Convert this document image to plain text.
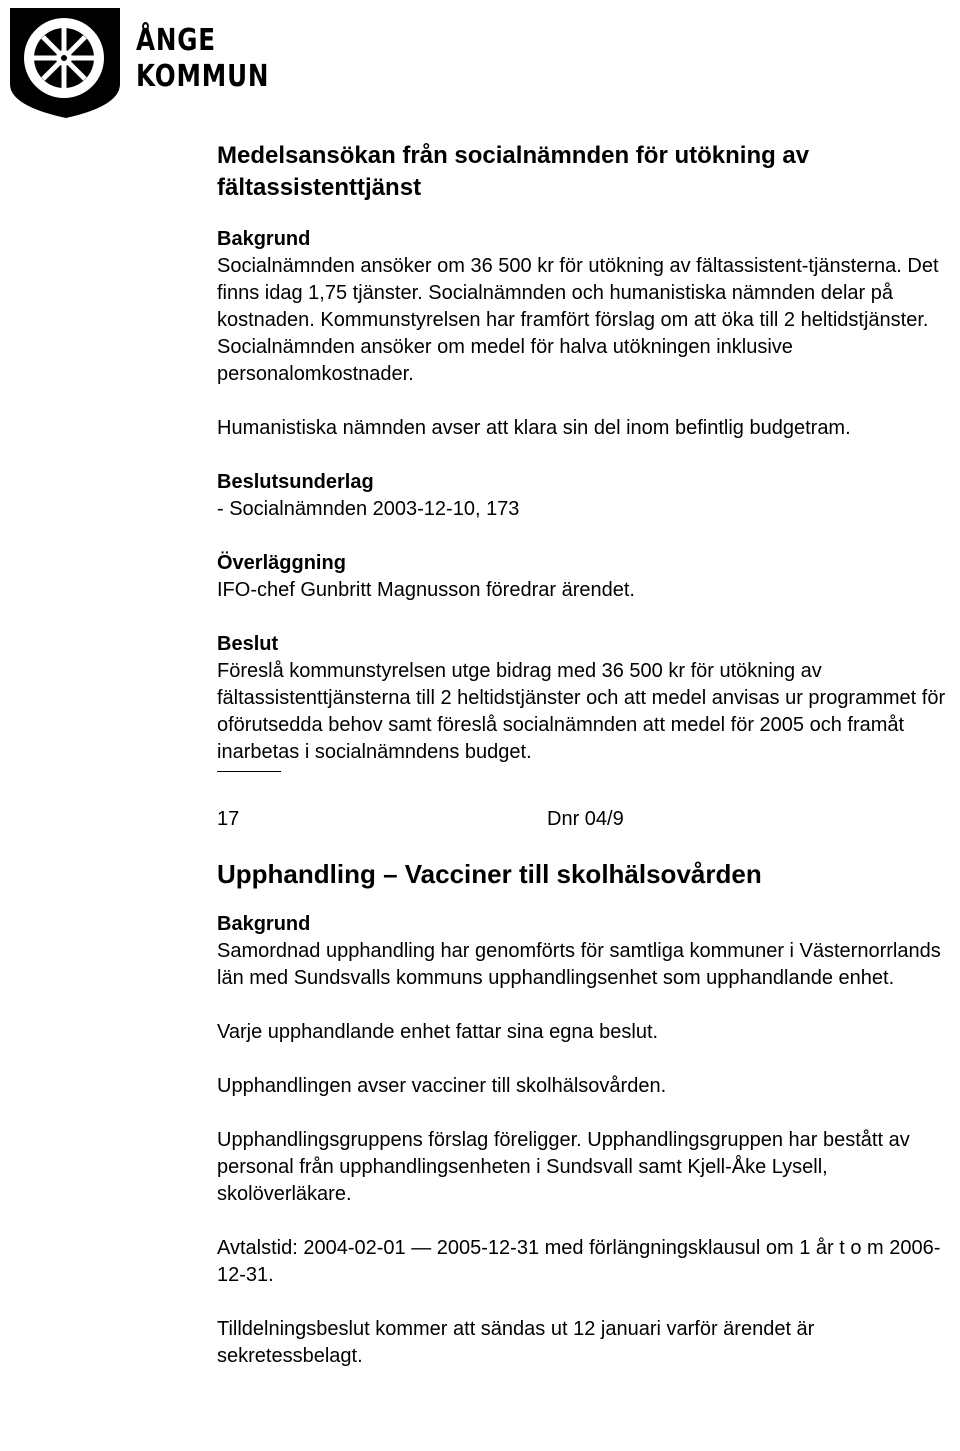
ÅNGE
KOMMUN
Medelsansökan från socialnämnden för utökning av fältassistenttjänst
Bakgrund

Socialnämnden ansöker om 36 500 kr för utökning av fältassistent-tjänsterna. Det finns idag 1,75 tjänster. Socialnämnden och humanistiska nämnden delar på kostnaden. Kommunstyrelsen har framfört förslag om att öka till 2 heltidstjänster. Socialnämnden ansöker om medel för halva utökningen inklusive personalomkostnader.

Humanistiska nämnden avser att klara sin del inom befintlig budgetram.

Beslutsunderlag

- Socialnämnden 2003-12-10, 173

Överläggning

IFO-chef Gunbritt Magnusson föredrar ärendet.

Beslut

Föreslå kommunstyrelsen utge bidrag med 36 500 kr för utökning av fältassistenttjänsterna till 2 heltidstjänster och att medel anvisas ur programmet för oförutsedda behov samt föreslå socialnämnden att medel för 2005 och framåt inarbetas i socialnämndens budget.

17	Dnr 04/9
Upphandling – Vacciner till skolhälsovården
Bakgrund

Samordnad upphandling har genomförts för samtliga kommuner i Västernorrlands län med Sundsvalls kommuns upphandlingsenhet som upphandlande enhet.

Varje upphandlande enhet fattar sina egna beslut.

Upphandlingen avser vacciner till skolhälsovården.

Upphandlingsgruppens förslag föreligger. Upphandlingsgruppen har bestått av personal från upphandlingsenheten i Sundsvall samt Kjell-Åke Lysell, skolöverläkare.

Avtalstid: 2004-02-01 — 2005-12-31 med förlängningsklausul om 1 år t o m 2006-12-31.

Tilldelningsbeslut kommer att sändas ut 12 januari varför ärendet är sekretessbelagt.
